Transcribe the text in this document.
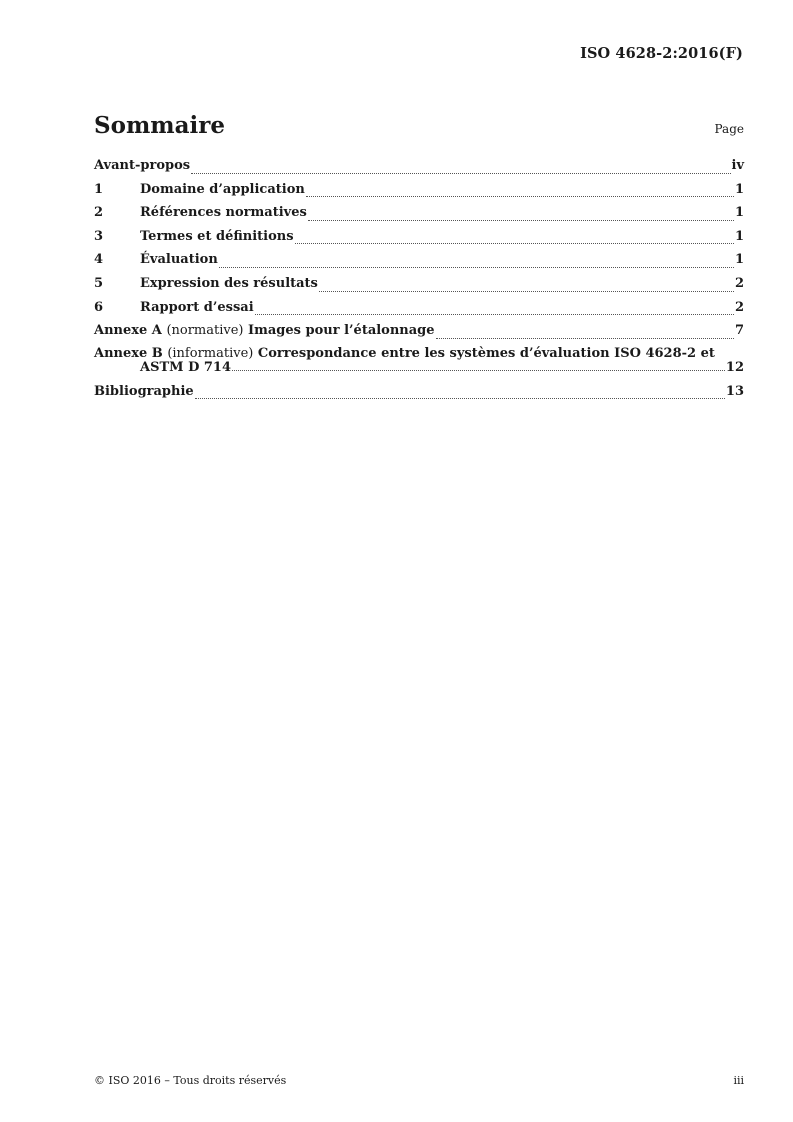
ISO 4628-2:2016(F)
Sommaire	Page
Avant-propos	iv
1	Domaine d’application	1
2	Références normatives	1
3	Termes et définitions	1
4	Évaluation	1
5	Expression des résultats	2
6	Rapport d’essai	2
Annexe A (normative) Images pour l’étalonnage	7
Annexe B (informative) Correspondance entre les systèmes d’évaluation ISO 4628-2 et
ASTM D 714	12
Bibliographie	13
© ISO 2016 – Tous droits réservés	iii
